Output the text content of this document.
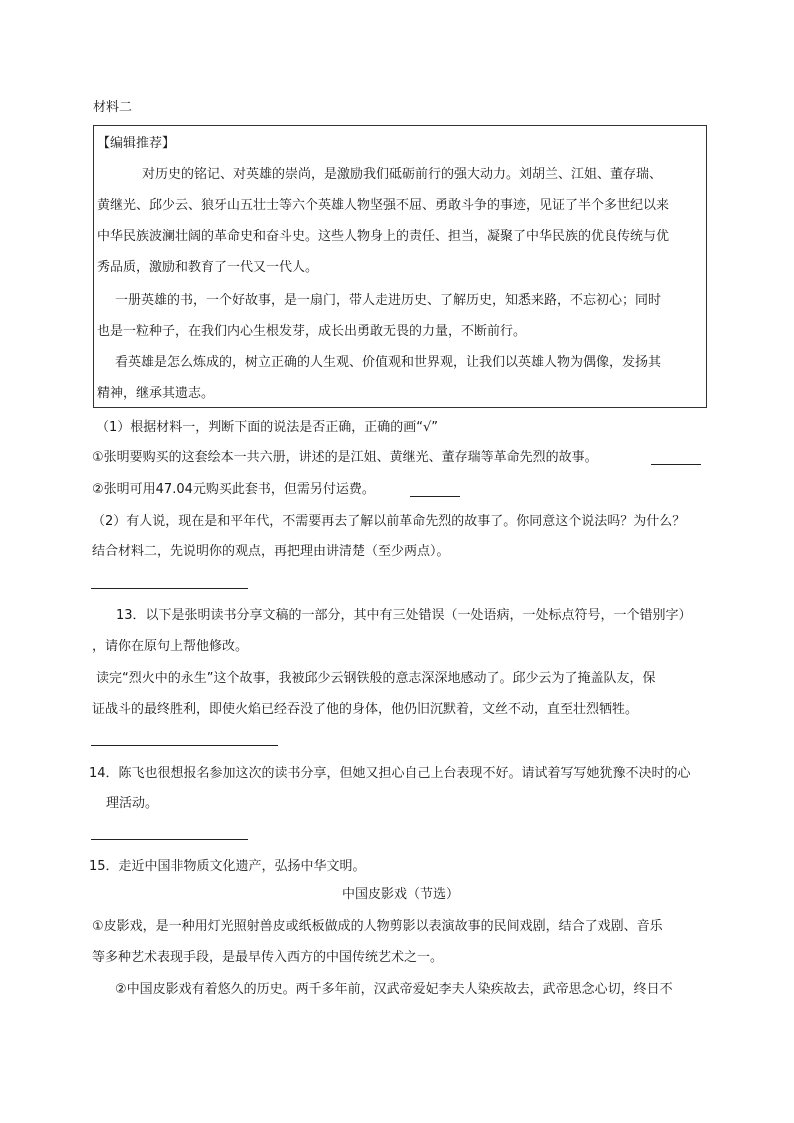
材料二
【编辑推荐】
对历史的铭记、对英雄的崇尚，是激励我们砥砺前行的强大动力。刘胡兰、江姐、董存瑞、
黄继光、邱少云、狼牙山五壮士等六个英雄人物坚强不屈、勇敢斗争的事迹，见证了半个多世纪以来
中华民族波澜壮阔的革命史和奋斗史。这些人物身上的责任、担当，凝聚了中华民族的优良传统与优
秀品质，激励和教育了一代又一代人。
一册英雄的书，一个好故事，是一扇门，带人走进历史、了解历史，知悉来路，不忘初心；同时
也是一粒种子，在我们内心生根发芽，成长出勇敢无畏的力量，不断前行。
看英雄是怎么炼成的，树立正确的人生观、价值观和世界观，让我们以英雄人物为偶像，发扬其
精神，继承其遗志。
（1）根据材料一，判断下面的说法是否正确，正确的画“√”
①张明要购买的这套绘本一共六册，讲述的是江姐、黄继光、董存瑞等革命先烈的故事。
②张明可用47.04元购买此套书，但需另付运费。
（2）有人说，现在是和平年代，不需要再去了解以前革命先烈的故事了。你同意这个说法吗？为什么？
结合材料二，先说明你的观点，再把理由讲清楚（至少两点）。
13．以下是张明读书分享文稿的一部分，其中有三处错误（一处语病，一处标点符号，一个错别字）
，请你在原句上帮他修改。
读完“烈火中的永生”这个故事，我被邱少云钢铁般的意志深深地感动了。邱少云为了掩盖队友，保
证战斗的最终胜利，即使火焰已经吞没了他的身体，他仍旧沉默着，文丝不动，直至壮烈牺牲。
14．陈飞也很想报名参加这次的读书分享，但她又担心自己上台表现不好。请试着写写她犹豫不决时的心
理活动。
15．走近中国非物质文化遗产，弘扬中华文明。
中国皮影戏（节选）
①皮影戏，是一种用灯光照射兽皮或纸板做成的人物剪影以表演故事的民间戏剧，结合了戏剧、音乐
等多种艺术表现手段，是最早传入西方的中国传统艺术之一。
②中国皮影戏有着悠久的历史。两千多年前，汉武帝爱妃李夫人染疾故去，武帝思念心切，终日不
